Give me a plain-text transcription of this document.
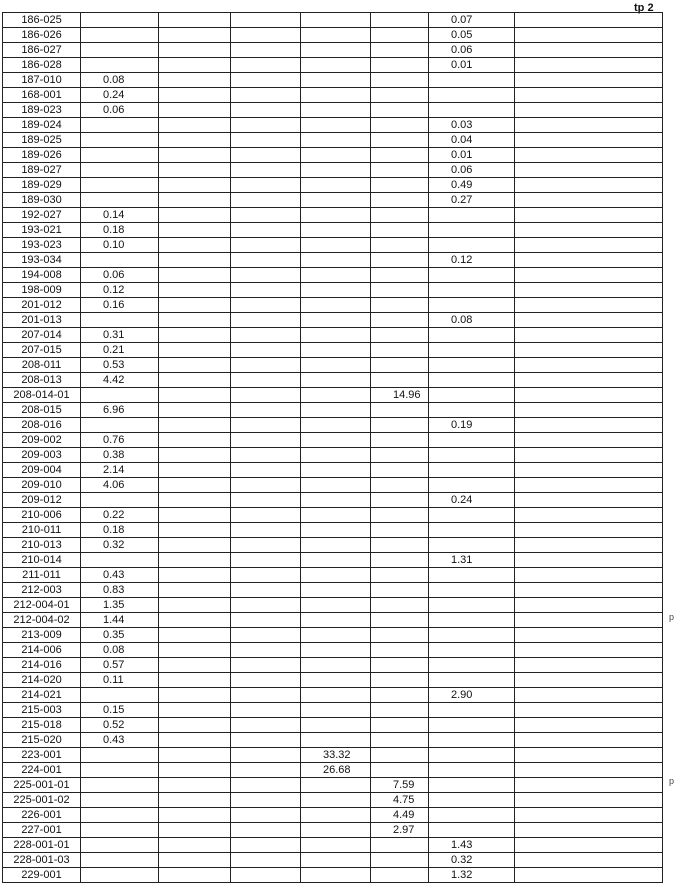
tp 2
p
p
186-025						0.07	
186-026						0.05	
186-027						0.06	
186-028						0.01	
187-010	0.08						
168-001	0.24						
189-023	0.06						
189-024						0.03	
189-025						0.04	
189-026						0.01	
189-027						0.06	
189-029						0.49	
189-030						0.27	
192-027	0.14						
193-021	0.18						
193-023	0.10						
193-034						0.12	
194-008	0.06						
198-009	0.12						
201-012	0.16						
201-013						0.08	
207-014	0.31						
207-015	0.21						
208-011	0.53						
208-013	4.42						
208-014-01					14.96		
208-015	6.96						
208-016						0.19	
209-002	0.76						
209-003	0.38						
209-004	2.14						
209-010	4.06						
209-012						0.24	
210-006	0.22						
210-011	0.18						
210-013	0.32						
210-014						1.31	
211-011	0.43						
212-003	0.83						
212-004-01	1.35						
212-004-02	1.44						
213-009	0.35						
214-006	0.08						
214-016	0.57						
214-020	0.11						
214-021						2.90	
215-003	0.15						
215-018	0.52						
215-020	0.43						
223-001				33.32			
224-001				26.68			
225-001-01					7.59		
225-001-02					4.75		
226-001					4.49		
227-001					2.97		
228-001-01						1.43	
228-001-03						0.32	
229-001						1.32	
